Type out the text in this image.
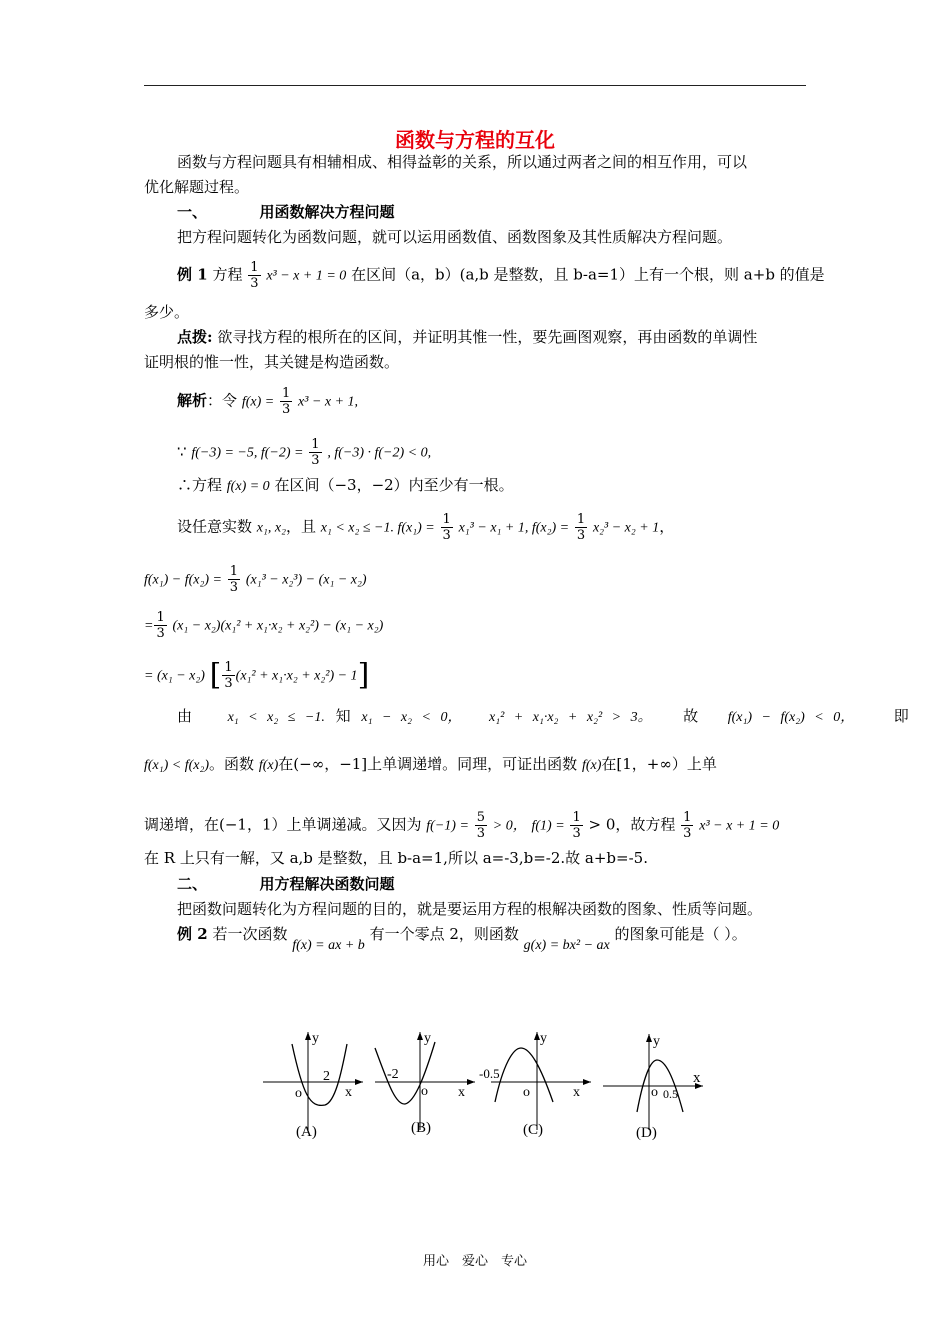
函数与方程的互化
函数与方程问题具有相辅相成、相得益彰的关系，所以通过两者之间的相互作用，可以
优化解题过程。
一、	用函数解决方程问题
把方程问题转化为函数问题，就可以运用函数值、函数图象及其性质解决方程问题。
例 1 方程 $\frac{1}{3} x^3 - x + 1 = 0$ 在区间（a，b）(a,b 是整数，且 b-a=1）上有一个根，则 a+b 的值是
多少。
点拨: 欲寻找方程的根所在的区间，并证明其惟一性，要先画图观察，再由函数的单调性
证明根的惟一性，其关键是构造函数。
解析：令 $f(x) = \frac{1}{3} x^3 - x + 1$,
∵ f(−3) = −5, $f(-2) = \frac{1}{3}$ , f(−3) · f(−2) < 0,
∴方程 f(x) = 0 在区间（−3，−2）内至少有一根。
设任意实数 x₁, x₂，且 x₁ < x₂ ≤ −1. $f(x_1) = \frac{1}{3} x_1^3 - x_1 + 1$, $f(x_2) = \frac{1}{3} x_2^3 - x_2 + 1$，
$f(x_1) - f(x_2) = \frac{1}{3} (x_1^3 - x_2^3) - (x_1 - x_2)$
= $\frac{1}{3} (x_1 - x_2)(x_1^2 + x_1\cdot x_2 + x_2^2) - (x_1 - x_2)$
= (x₁ − x₂) [ $\frac{1}{3} (x_1^2 + x_1\cdot x_2 + x_2^2) - 1$]
由	x₁ < x₂ ≤ −1. 知 x₁ − x₂ < 0， x₁² + x₁·x₂ + x₂² > 3。 故 f(x₁) − f(x₂) < 0，	即
f(x₁) < f(x₂)。函数 f(x)在(−∞，−1]上单调递增。同理，可证出函数 f(x)在[1，+∞）上单
调递增，在(−1，1）上单调递减。又因为 $f(-1) = \frac{5}{3} > 0$， $f(1) = \frac{1}{3} > 0$，故方程 $\frac{1}{3} x^3 - x + 1 = 0$
在 R 上只有一解，又 a,b 是整数，且 b-a=1,所以 a=-3,b=-2.故 a+b=-5.
二、	用方程解决函数问题
把函数问题转化为方程问题的目的，就是要运用方程的根解决函数的图象、性质等问题。
例 2 若一次函数 f(x) = ax + b 有一个零点 2，则函数 g(x) = bx² − ax 的图象可能是（ ）。
y
x
o
2
(A)
y
x
o
-2
(B)
y
x
o
-0.5
(C)
y
x
o 0.5
(D)
用心　爱心　专心
